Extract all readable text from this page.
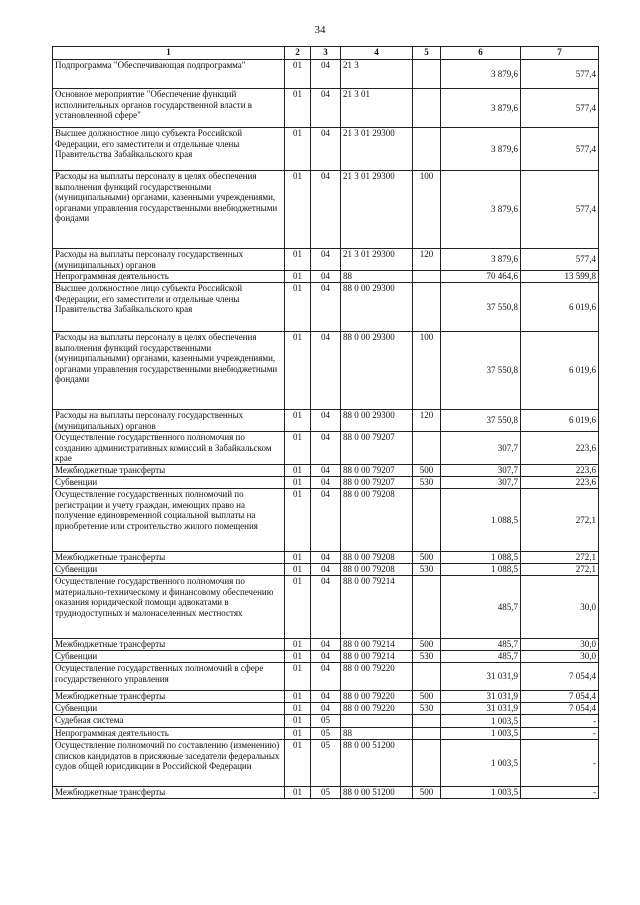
34
1	2	3	4	5	6	7
Подпрограмма "Обеспечивающая подпрограмма"	01	04	21 3		3 879,6	577,4
Основное мероприятие "Обеспечение функций исполнительных органов государственной власти в установленной сфере"	01	04	21 3 01		3 879,6	577,4
Высшее должностное лицо субъекта Российской Федерации, его заместители и отдельные члены Правительства Забайкальского края	01	04	21 3 01 29300		3 879,6	577,4
Расходы на выплаты персоналу в целях обеспечения выполнения функций государственными (муниципальными) органами, казенными учреждениями, органами управления государственными внебюджетными фондами	01	04	21 3 01 29300	100	3 879,6	577,4
Расходы на выплаты персоналу государственных (муниципальных) органов	01	04	21 3 01 29300	120	3 879,6	577,4
Непрограммная деятельность	01	04	88		70 464,6	13 599,8
Высшее должностное лицо субъекта Российской Федерации, его заместители и отдельные члены Правительства Забайкальского края	01	04	88 0 00 29300		37 550,8	6 019,6
Расходы на выплаты персоналу в целях обеспечения выполнения функций государственными (муниципальными) органами, казенными учреждениями, органами управления государственными внебюджетными фондами	01	04	88 0 00 29300	100	37 550,8	6 019,6
Расходы на выплаты персоналу государственных (муниципальных) органов	01	04	88 0 00 29300	120	37 550,8	6 019,6
Осуществление государственного полномочия по созданию административных комиссий в Забайкальском крае	01	04	88 0 00 79207		307,7	223,6
Межбюджетные трансферты	01	04	88 0 00 79207	500	307,7	223,6
Субвенции	01	04	88 0 00 79207	530	307,7	223,6
Осуществление государственных полномочий по регистрации и учету граждан, имеющих право на получение единовременной социальной выплаты на приобретение или строительство жилого помещения	01	04	88 0 00 79208		1 088,5	272,1
Межбюджетные трансферты	01	04	88 0 00 79208	500	1 088,5	272,1
Субвенции	01	04	88 0 00 79208	530	1 088,5	272,1
Осуществление государственного полномочия по материально-техническому и финансовому обеспечению оказания юридической помощи адвокатами в труднодоступных и малонаселенных местностях	01	04	88 0 00 79214		485,7	30,0
Межбюджетные трансферты	01	04	88 0 00 79214	500	485,7	30,0
Субвенции	01	04	88 0 00 79214	530	485,7	30,0
Осуществление государственных полномочий в сфере государственного управления	01	04	88 0 00 79220		31 031,9	7 054,4
Межбюджетные трансферты	01	04	88 0 00 79220	500	31 031,9	7 054,4
Субвенции	01	04	88 0 00 79220	530	31 031,9	7 054,4
Судебная система	01	05			1 003,5	-
Непрограммная деятельность	01	05	88		1 003,5	-
Осуществление полномочий по составлению (изменению) списков кандидатов в присяжные заседатели федеральных судов общей юрисдикции в Российской Федерации	01	05	88 0 00 51200		1 003,5	-
Межбюджетные трансферты	01	05	88 0 00 51200	500	1 003,5	-
